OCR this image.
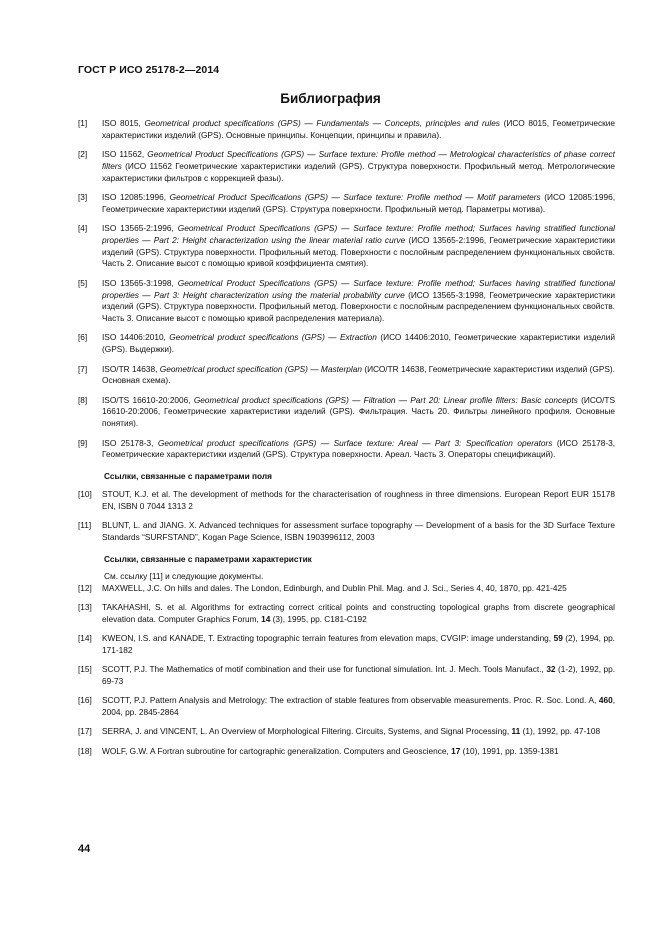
ГОСТ Р ИСО 25178-2—2014
Библиография
[1]	ISO 8015, Geometrical product specifications (GPS) — Fundamentals — Concepts, principles and rules (ИСО 8015, Геометрические характеристики изделий (GPS). Основные принципы. Концепции, принципы и правила).
[2]	ISO 11562, Geometrical Product Specifications (GPS) — Surface texture: Profile method — Metrological characteristics of phase correct filters (ИСО 11562 Геометрические характеристики изделий (GPS). Структура поверхности. Профильный метод. Метрологические характеристики фильтров с коррекцией фазы).
[3]	ISO 12085:1996, Geometrical Product Specifications (GPS) — Surface texture: Profile method — Motif parameters (ИСО 12085:1996, Геометрические характеристики изделий (GPS). Структура поверхности. Профильный метод. Параметры мотива).
[4]	ISO 13565-2:1996, Geometrical Product Specifications (GPS) — Surface texture: Profile method; Surfaces having stratified functional properties — Part 2: Height characterization using the linear material ratio curve (ИСО 13565-2:1996, Геометрические характеристики изделий (GPS). Структура поверхности. Профильный метод. Поверхности с послойным распределением функциональных свойств. Часть 2. Описание высот с помощью кривой коэффициента смятия).
[5]	ISO 13565-3:1998, Geometrical Product Specifications (GPS) — Surface texture: Profile method; Surfaces having stratified functional properties — Part 3: Height characterization using the material probability curve (ИСО 13565-3:1998, Геометрические характеристики изделий (GPS). Структура поверхности. Профильный метод. Поверхности с послойным распределением функциональных свойств. Часть 3. Описание высот с помощью кривой распределения материала).
[6]	ISO 14406:2010, Geometrical product specifications (GPS) — Extraction (ИСО 14406:2010, Геометрические характеристики изделий (GPS). Выдержки).
[7]	ISO/TR 14638, Geometrical product specification (GPS) — Masterplan (ИСО/TR 14638, Геометрические характеристики изделий (GPS). Основная схема).
[8]	ISO/TS 16610-20:2006, Geometrical product specifications (GPS) — Filtration — Part 20: Linear profile filters: Basic concepts (ИСО/TS 16610-20:2006, Геометрические характеристики изделий (GPS). Фильтрация. Часть 20. Фильтры линейного профиля. Основные понятия).
[9]	ISO 25178-3, Geometrical product specifications (GPS) — Surface texture: Areal — Part 3: Specification operators (ИСО 25178-3, Геометрические характеристики изделий (GPS). Структура поверхности. Ареал. Часть 3. Операторы спецификаций).
Ссылки, связанные с параметрами поля
[10]	STOUT, K.J. et al. The development of methods for the characterisation of roughness in three dimensions. European Report EUR 15178 EN, ISBN 0 7044 1313 2
[11]	BLUNT, L. and JIANG. X. Advanced techniques for assessment surface topography — Development of a basis for the 3D Surface Texture Standards “SURFSTAND”, Kogan Page Science, ISBN 1903996112, 2003
Ссылки, связанные с параметрами характеристик
См. ссылку [11] и следующие документы.
[12]	MAXWELL, J.C. On hills and dales. The London, Edinburgh, and Dublin Phil. Mag. and J. Sci., Series 4, 40, 1870, pp. 421-425
[13]	TAKAHASHI, S. et al. Algorithms for extracting correct critical points and constructing topological graphs from discrete geographical elevation data. Computer Graphics Forum, 14 (3), 1995, pp. C181-C192
[14]	KWEON, I.S. and KANADE, T. Extracting topographic terrain features from elevation maps, CVGIP: image understanding, 59 (2), 1994, pp. 171-182
[15]	SCOTT, P.J. The Mathematics of motif combination and their use for functional simulation. Int. J. Mech. Tools Manufact., 32 (1-2), 1992, pp. 69-73
[16]	SCOTT, P.J. Pattern Analysis and Metrology: The extraction of stable features from observable measurements. Proc. R. Soc. Lond. A, 460, 2004, pp. 2845-2864
[17]	SERRA, J. and VINCENT, L. An Overview of Morphological Filtering. Circuits, Systems, and Signal Processing, 11 (1), 1992, pp. 47-108
[18]	WOLF, G.W. A Fortran subroutine for cartographic generalization. Computers and Geoscience, 17 (10), 1991, pp. 1359-1381
44
